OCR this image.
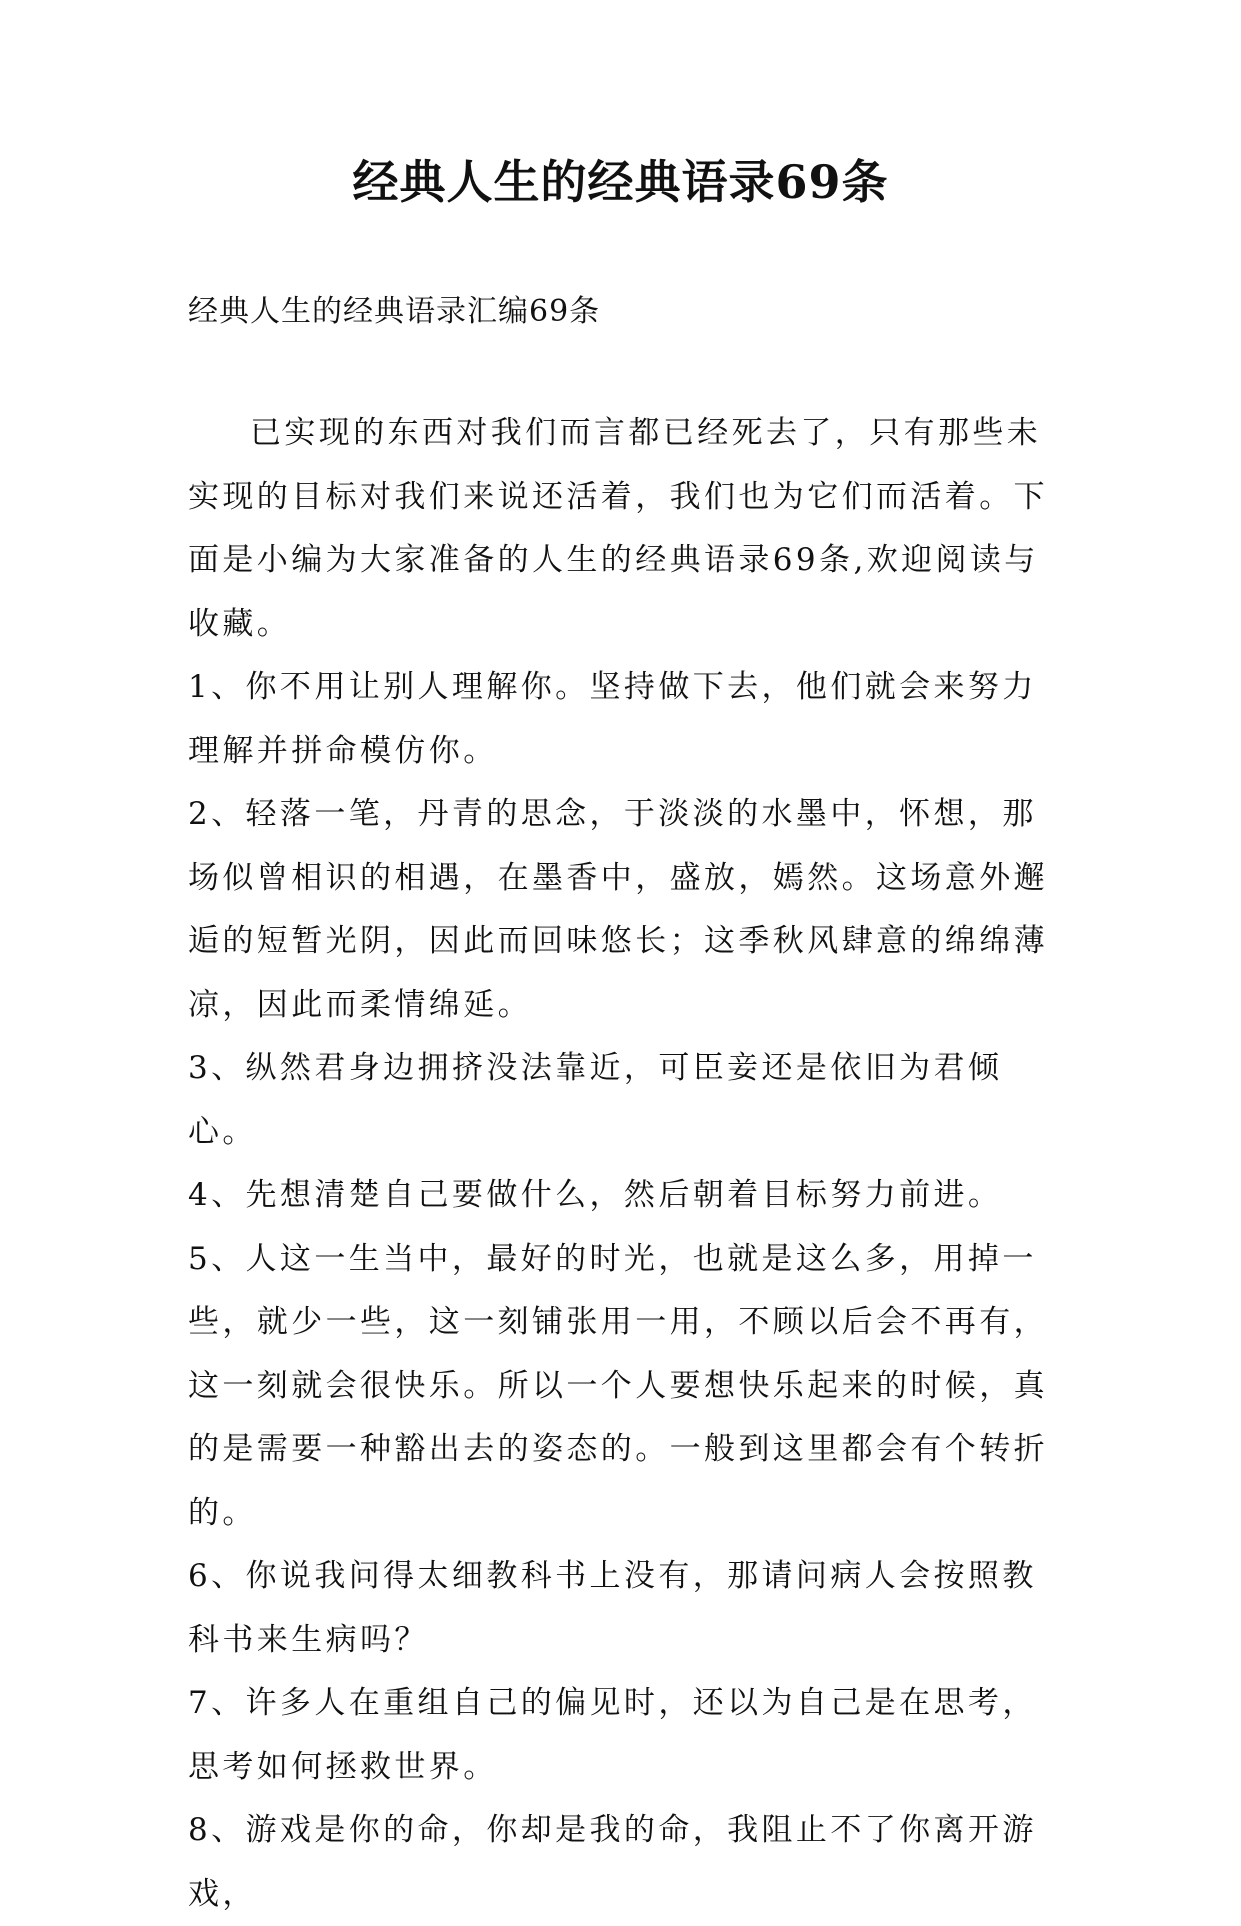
经典人生的经典语录69条

经典人生的经典语录汇编69条

已实现的东西对我们而言都已经死去了，只有那些未实现的目标对我们来说还活着，我们也为它们而活着。下面是小编为大家准备的人生的经典语录69条,欢迎阅读与收藏。

1、你不用让别人理解你。坚持做下去，他们就会来努力理解并拼命模仿你。

2、轻落一笔，丹青的思念，于淡淡的水墨中，怀想，那场似曾相识的相遇，在墨香中，盛放，嫣然。这场意外邂逅的短暂光阴，因此而回味悠长；这季秋风肆意的绵绵薄凉，因此而柔情绵延。

3、纵然君身边拥挤没法靠近，可臣妾还是依旧为君倾心。

4、先想清楚自己要做什么，然后朝着目标努力前进。

5、人这一生当中，最好的时光，也就是这么多，用掉一些，就少一些，这一刻铺张用一用，不顾以后会不再有，这一刻就会很快乐。所以一个人要想快乐起来的时候，真的是需要一种豁出去的姿态的。一般到这里都会有个转折的。

6、你说我问得太细教科书上没有，那请问病人会按照教科书来生病吗？

7、许多人在重组自己的偏见时，还以为自己是在思考，思考如何拯救世界。

8、游戏是你的命，你却是我的命，我阻止不了你离开游戏，
